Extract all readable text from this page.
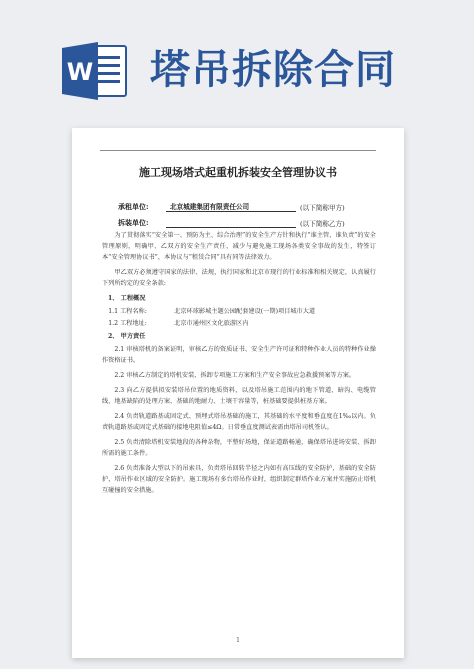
W 塔吊拆除合同
施工现场塔式起重机拆装安全管理协议书
承租单位:	北京城建集团有限责任公司	(以下简称甲方)
拆装单位:	(以下简称乙方)

为了贯彻落实“安全第一、预防为主、综合治理”的安全生产方针和执行“谁主管、谁负责”的安全管理原则，明确甲、乙双方的安全生产责任，减少与避免施工现场各类安全事故的发生，特签订本“安全管理协议书”，本协议与“租赁合同”具有同等法律效力。

甲乙双方必须遵守国家的法律、法规，执行国家和北京市现行的行业标准和相关规定，认真履行下列所约定的安全条款:

1、 工程概况

1.1 工程名称:	北京环球影城主题公园配套建设(一期)项目城市大道

1.2 工程地址:	北京市通州区文化旅游区内

2、 甲方责任

2.1 审核塔机的备案证明，审核乙方的资质证书、安全生产许可证和特种作业人员的特种作业操作资格证书。

2.2 审核乙方制定的塔机安装、拆卸专项施工方案和生产安全事故应急救援预案等方案。

2.3 向乙方提供拟安装塔吊位置的地质资料，以及塔吊施工范围内的地下管道、暗沟、电缆管线、地基缺陷的处理方案、基础的地耐力、土壤干容量等，桩基础要提供桩基方案。

2.4 负责轨道路基或固定式、预埋式塔吊基础的施工，其基础的水平度和垂直度在1‰以内。负责轨道路基或固定式基础的接地电阻值≤4Ω。日常垂直度测试表需由塔吊司机签认。

2.5 负责清除塔机安装地段的各种杂物，平整好场地，保证道路畅通，确保塔吊进场安装、拆卸所需的施工条件。

2.6 负责准备大型以下的吊索具，负责塔吊回转半径之内如有高压线的安全防护，基础的安全防护，塔吊作业区域的安全防护。施工现场有多台塔吊作业时，组织制定群塔作业方案并实施防止塔机互碰撞的安全措施。

1
